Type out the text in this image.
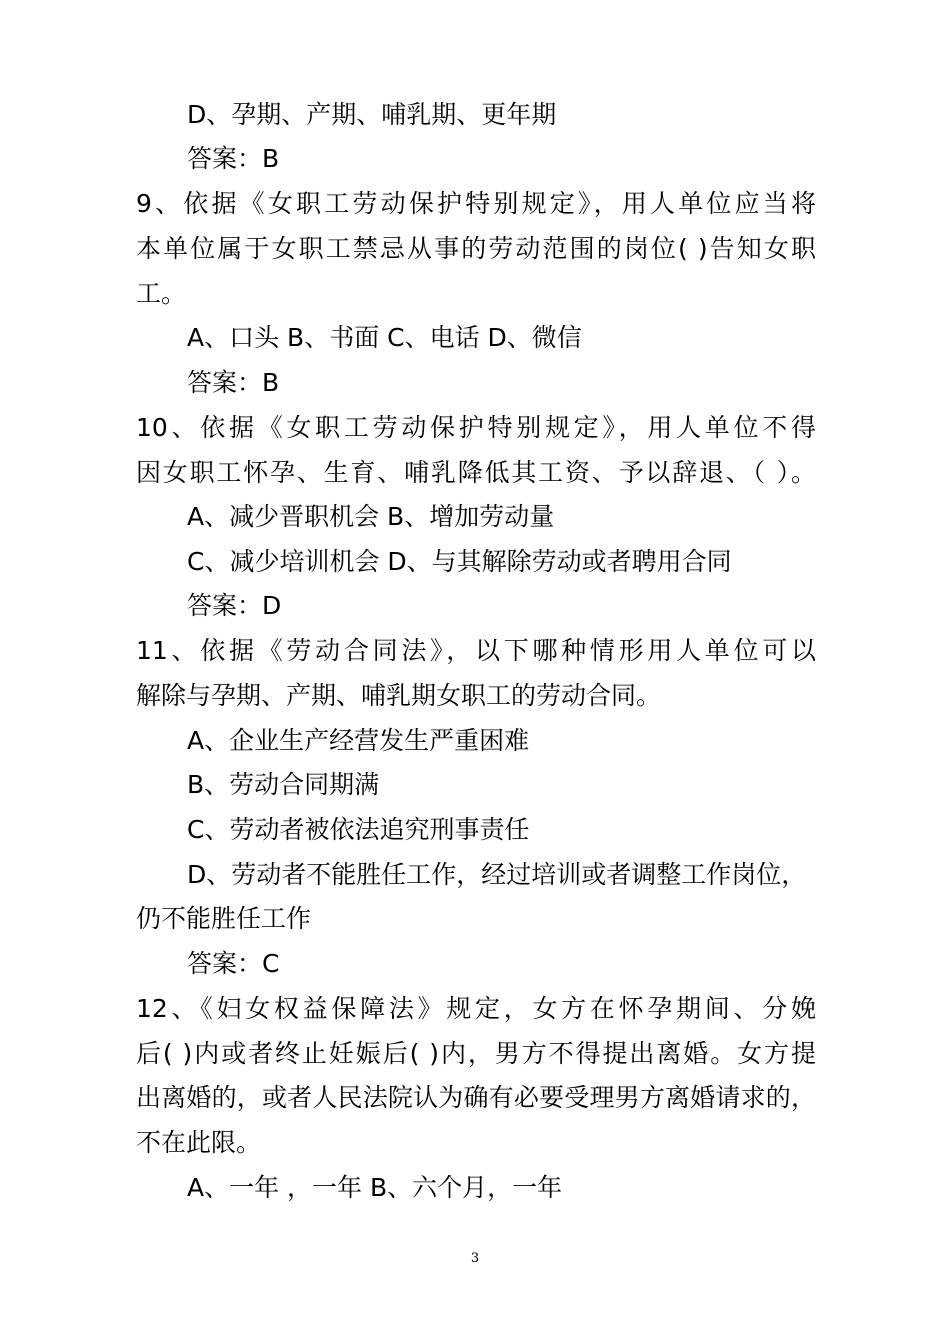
D、孕期、产期、哺乳期、更年期
答案：B
9、依据《女职工劳动保护特别规定》，用人单位应当将
本单位属于女职工禁忌从事的劳动范围的岗位( )告知女职
工。
A、口头 B、书面 C、电话 D、微信
答案：B
10、依据《女职工劳动保护特别规定》，用人单位不得
因女职工怀孕、生育、哺乳降低其工资、予以辞退、（ ）。
A、减少晋职机会 B、增加劳动量
C、减少培训机会 D、与其解除劳动或者聘用合同
答案：D
11、依据《劳动合同法》，以下哪种情形用人单位可以
解除与孕期、产期、哺乳期女职工的劳动合同。
A、企业生产经营发生严重困难
B、劳动合同期满
C、劳动者被依法追究刑事责任
D、劳动者不能胜任工作，经过培训或者调整工作岗位，
仍不能胜任工作
答案：C
12、《妇女权益保障法》规定，女方在怀孕期间、分娩
后( )内或者终止妊娠后( )内，男方不得提出离婚。女方提
出离婚的，或者人民法院认为确有必要受理男方离婚请求的，
不在此限。
A、一年 ，一年 B、六个月，一年
3
